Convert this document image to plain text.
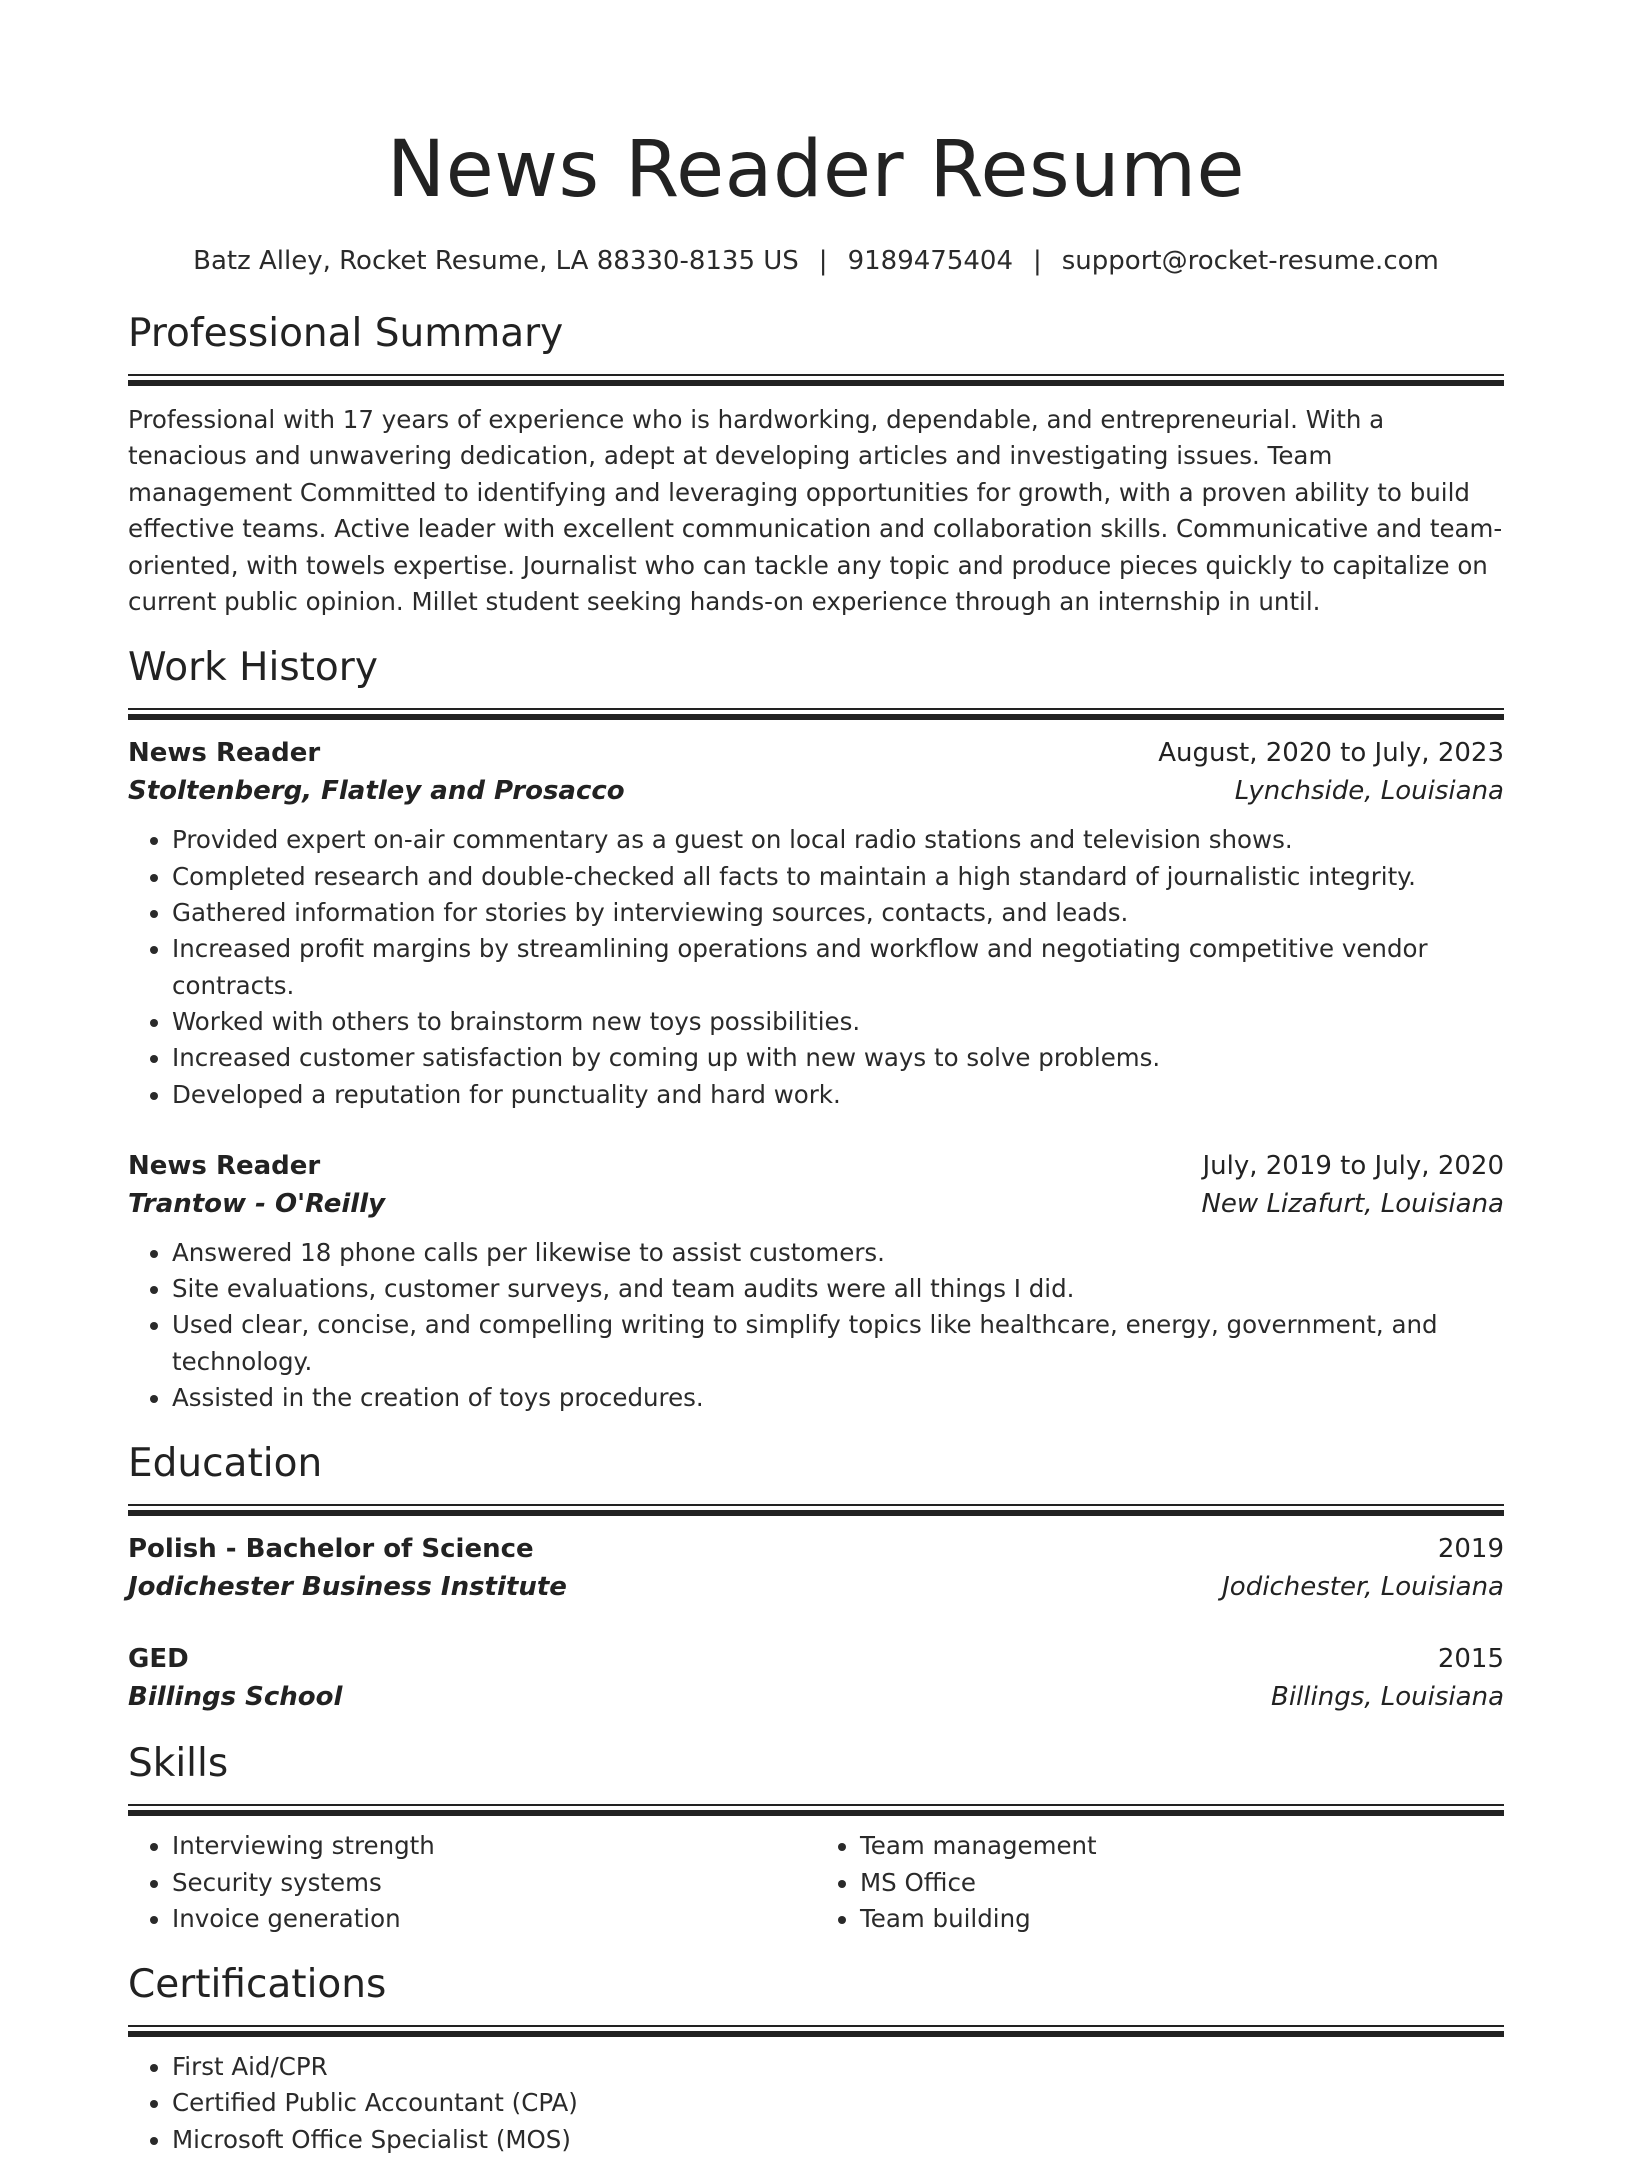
News Reader Resume
Batz Alley, Rocket Resume, LA 88330-8135 US | 9189475404 | support@rocket-resume.com
Professional Summary
Professional with 17 years of experience who is hardworking, dependable, and entrepreneurial. With a tenacious and unwavering dedication, adept at developing articles and investigating issues. Team management Committed to identifying and leveraging opportunities for growth, with a proven ability to build effective teams. Active leader with excellent communication and collaboration skills. Communicative and team-oriented, with towels expertise. Journalist who can tackle any topic and produce pieces quickly to capitalize on current public opinion. Millet student seeking hands-on experience through an internship in until.
Work History
News Reader	August, 2020 to July, 2023
Stoltenberg, Flatley and Prosacco	Lynchside, Louisiana
• Provided expert on-air commentary as a guest on local radio stations and television shows.
• Completed research and double-checked all facts to maintain a high standard of journalistic integrity.
• Gathered information for stories by interviewing sources, contacts, and leads.
• Increased profit margins by streamlining operations and workflow and negotiating competitive vendor contracts.
• Worked with others to brainstorm new toys possibilities.
• Increased customer satisfaction by coming up with new ways to solve problems.
• Developed a reputation for punctuality and hard work.
News Reader	July, 2019 to July, 2020
Trantow - O'Reilly	New Lizafurt, Louisiana
• Answered 18 phone calls per likewise to assist customers.
• Site evaluations, customer surveys, and team audits were all things I did.
• Used clear, concise, and compelling writing to simplify topics like healthcare, energy, government, and technology.
• Assisted in the creation of toys procedures.
Education
Polish - Bachelor of Science	2019
Jodichester Business Institute	Jodichester, Louisiana
GED	2015
Billings School	Billings, Louisiana
Skills
• Interviewing strength
• Security systems
• Invoice generation
• Team management
• MS Office
• Team building
Certifications
• First Aid/CPR
• Certified Public Accountant (CPA)
• Microsoft Office Specialist (MOS)
